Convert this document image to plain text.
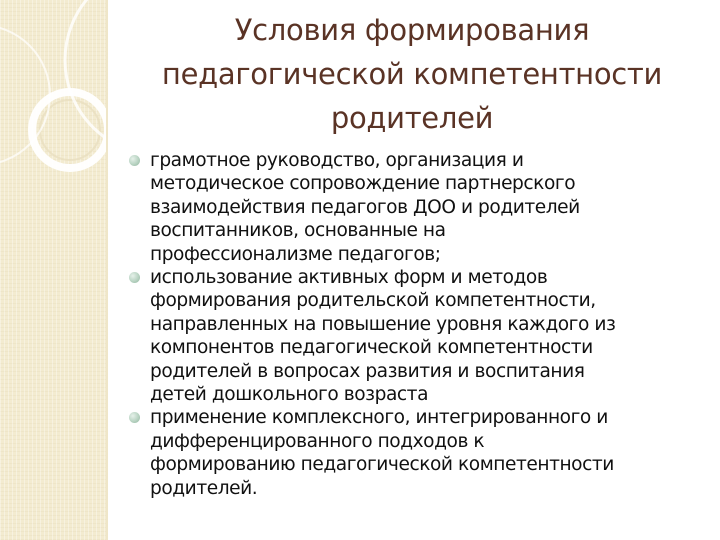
Условия формирования
педагогической компетентности
родителей
грамотное руководство, организация и
методическое сопровождение партнерского
взаимодействия педагогов ДОО и родителей
воспитанников, основанные на
профессионализме педагогов;
использование активных форм и методов
формирования родительской компетентности,
направленных на повышение уровня каждого из
компонентов педагогической компетентности
родителей в вопросах развития и воспитания
детей дошкольного возраста
применение комплексного, интегрированного и
дифференцированного подходов к
формированию педагогической компетентности
родителей.
